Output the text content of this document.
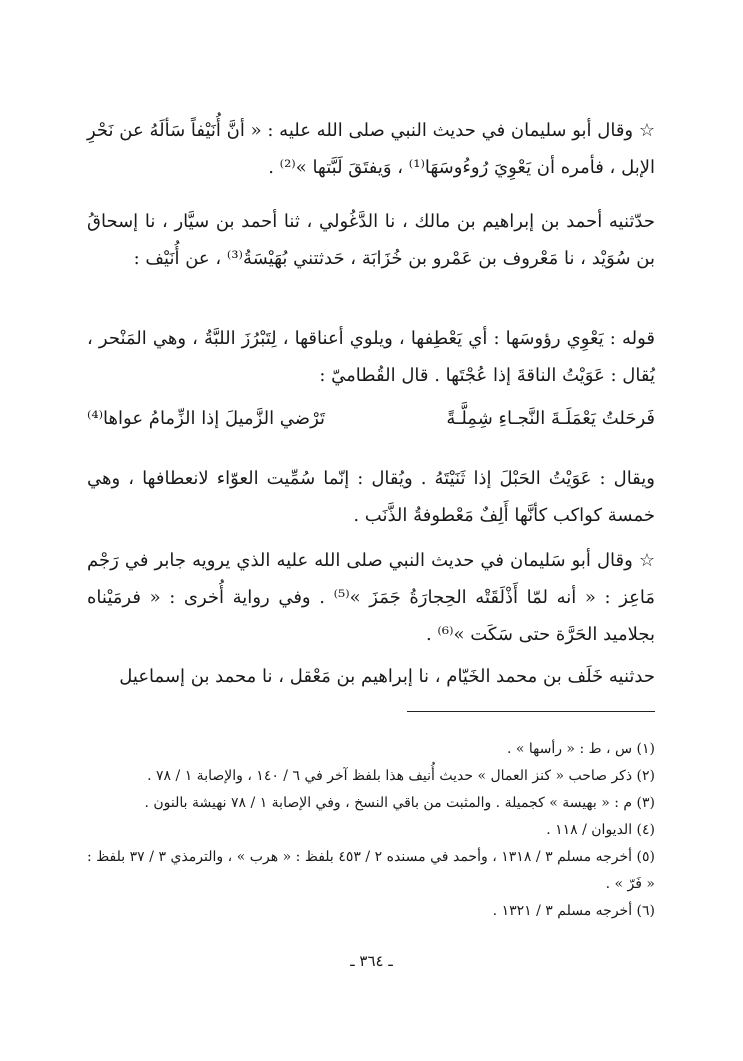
☆ وقال أبو سليمان في حديث النبي صلى الله عليه : « أنَّ أُنَيْفاً سَألَهُ عن نَحْرِ الإبل ، فأمره أن يَعْوِيَ رُوءُوسَهَا⁽¹⁾ ، وَيفتَقَ لَبَّتها »⁽²⁾ .

حدّثنيه أحمد بن إبراهيم بن مالك ، نا الدَّغُولي ، ثنا أحمد بن سيَّار ، نا إسحاقُ بن سُوَيْد ، نا مَعْروف بن عَمْرو بن خُزَابَة ، حَدثتني بُهَيْسَةُ⁽³⁾ ، عن أُنَيْف :

قوله : يَعْوِي رؤوسَها : أي يَعْطِفها ، ويلوي أعناقها ، لِتَبْرُزَ اللبَّةُ ، وهي المَنْحر ، يُقال : عَوَيْتُ الناقةَ إذا عُجْتَها . قال القُطاميّ :

فَرحَلتُ يَعْمَلَـةَ النَّجـاءِ شِمِلَّـةً
تَرْضي الزَّميلَ إذا الزِّمامُ عواها⁽⁴⁾

ويقال : عَوَيْتُ الحَبْلَ إذا ثَنَيْتَهُ . ويُقال : إنّما سُمِّيت العوّاء لانعطافها ، وهي خمسة كواكب كأنَّها أَلِفٌ مَعْطوفةُ الذَّنَب .

☆ وقال أبو سَليمان في حديث النبي صلى الله عليه الذي يرويه جابر في رَجْم مَاعِز : « أنه لمّا أَذْلَقَتْه الحِجارَةُ جَمَزَ »⁽⁵⁾ . وفي رواية أُخرى : « فرمَيْناه بجلاميد الحَرَّة حتى سَكَت »⁽⁶⁾ .

حدثنيه خَلَف بن محمد الخَيّام ، نا إبراهيم بن مَعْقل ، نا محمد بن إسماعيل

(١) س ، ط : « رأسها » .
(٢) ذكر صاحب « كنز العمال » حديث أُنيف هذا بلفظ آخر في ٦ / ١٤٠ ، والإصابة ١ / ٧٨ .
(٣) م : « بهيسة » كجميلة . والمثبت من باقي النسخ ، وفي الإصابة ١ / ٧٨ نهيشة بالنون .
(٤) الديوان / ١١٨ .
(٥) أخرجه مسلم ٣ / ١٣١٨ ، وأحمد في مسنده ٢ / ٤٥٣ بلفظ : « هرب » ، والترمذي ٣ / ٣٧ بلفظ : « فَرّ » .
(٦) أخرجه مسلم ٣ / ١٣٢١ .
ـ ٣٦٤ ـ
